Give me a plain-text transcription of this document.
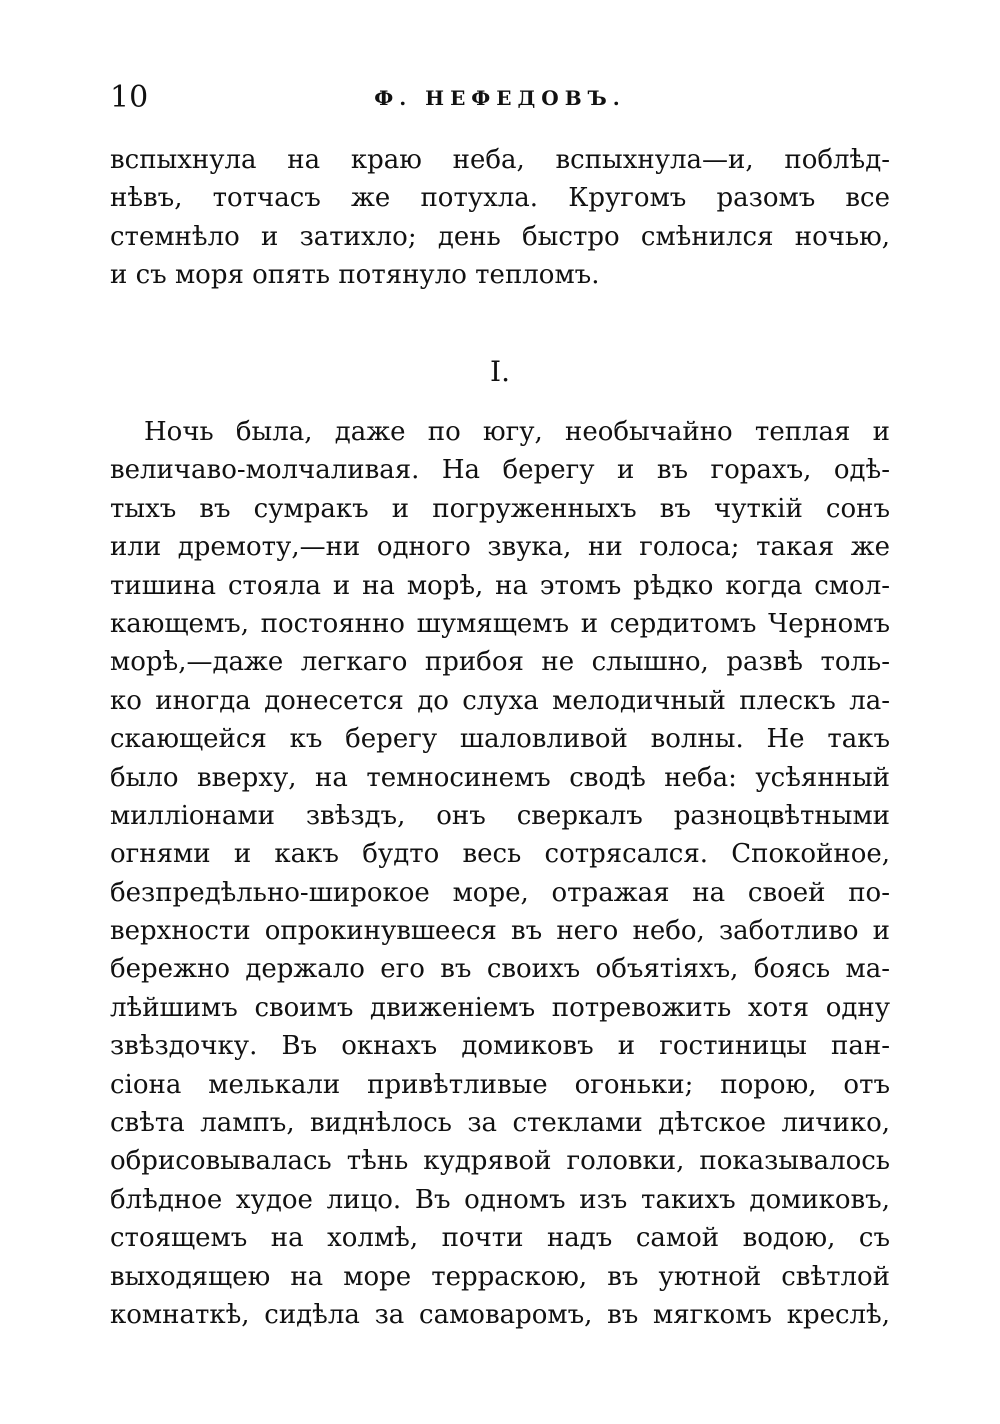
10	Ф. НЕФЕДОВЪ.
вспыхнула на краю неба, вспыхнула—и, поблѣд-
нѣвъ, тотчасъ же потухла. Кругомъ разомъ все
стемнѣло и затихло; день быстро смѣнился ночью,
и съ моря опять потянуло тепломъ.
I.
Ночь была, даже по югу, необычайно теплая и
величаво-молчаливая. На берегу и въ горахъ, одѣ-
тыхъ въ сумракъ и погруженныхъ въ чуткій сонъ
или дремоту,—ни одного звука, ни голоса; такая же
тишина стояла и на морѣ, на этомъ рѣдко когда смол-
кающемъ, постоянно шумящемъ и сердитомъ Черномъ
морѣ,—даже легкаго прибоя не слышно, развѣ толь-
ко иногда донесется до слуха мелодичный плескъ ла-
скающейся къ берегу шаловливой волны. Не такъ
было вверху, на темносинемъ сводѣ неба: усѣянный
милліонами звѣздъ, онъ сверкалъ разноцвѣтными
огнями и какъ будто весь сотрясался. Спокойное,
безпредѣльно-широкое море, отражая на своей по-
верхности опрокинувшееся въ него небо, заботливо и
бережно держало его въ своихъ объятіяхъ, боясь ма-
лѣйшимъ своимъ движеніемъ потревожить хотя одну
звѣздочку. Въ окнахъ домиковъ и гостиницы пан-
сіона мелькали привѣтливые огоньки; порою, отъ
свѣта лампъ, виднѣлось за стеклами дѣтское личико,
обрисовывалась тѣнь кудрявой головки, показывалось
блѣдное худое лицо. Въ одномъ изъ такихъ домиковъ,
стоящемъ на холмѣ, почти надъ самой водою, съ
выходящею на море терраскою, въ уютной свѣтлой
комнаткѣ, сидѣла за самоваромъ, въ мягкомъ креслѣ,
